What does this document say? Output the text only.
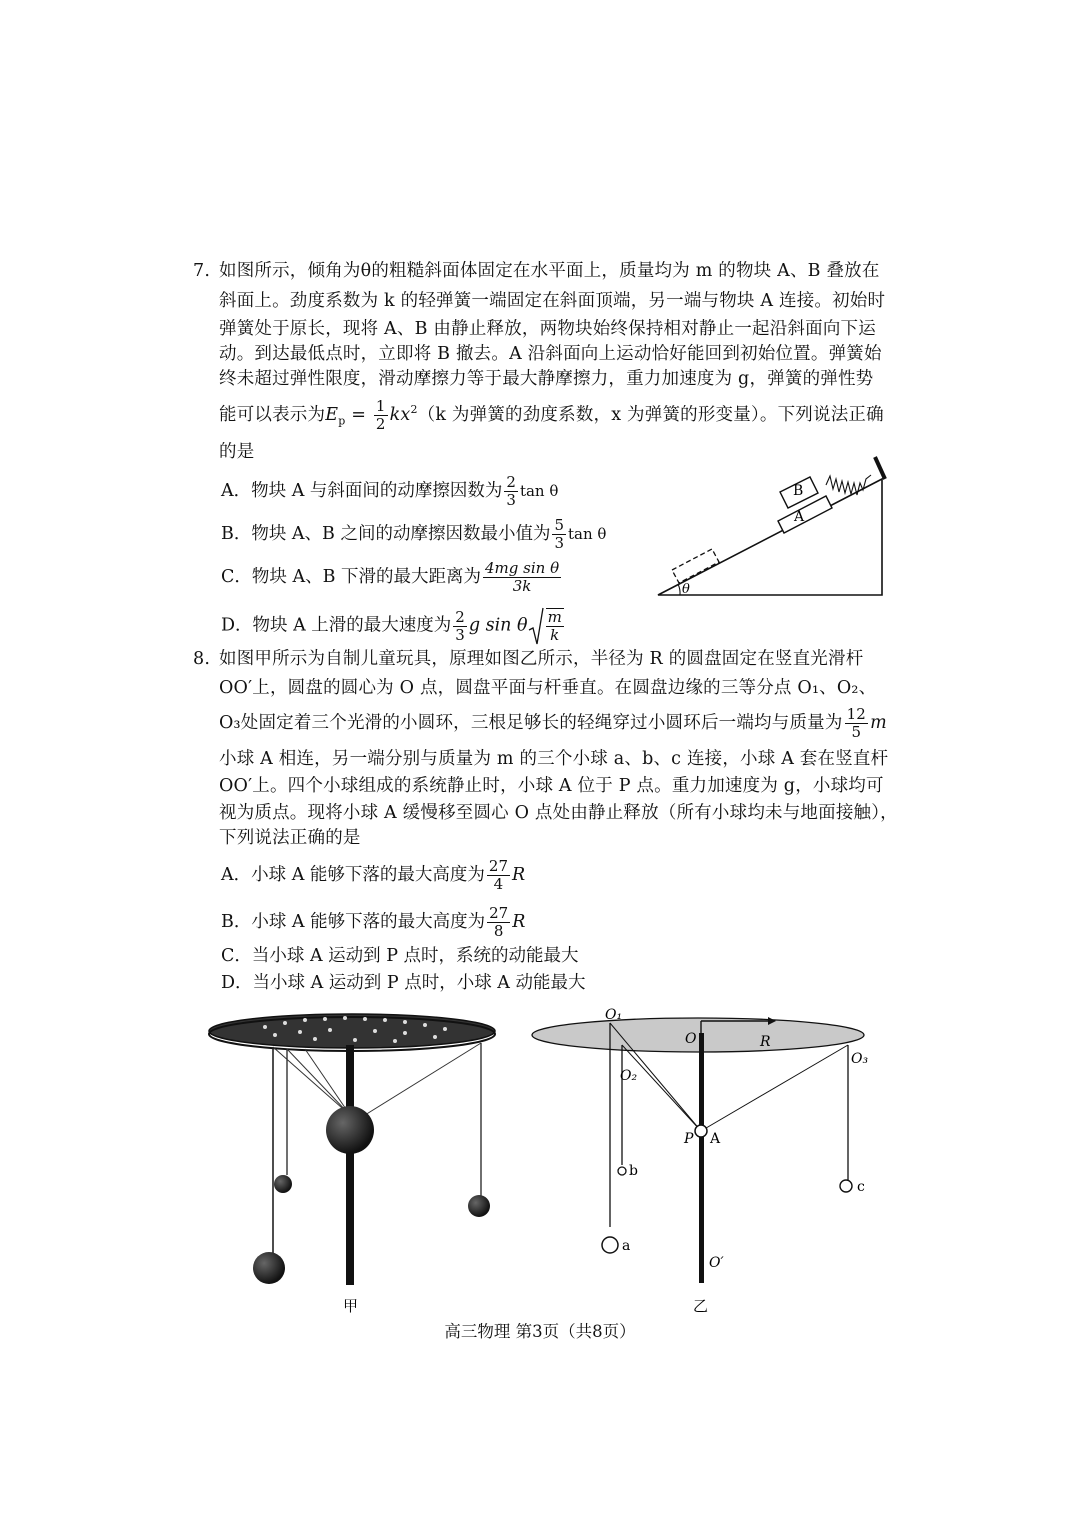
7. 如图所示，倾角为θ的粗糙斜面体固定在水平面上，质量均为 m 的物块 A、B 叠放在
斜面上。劲度系数为 k 的轻弹簧一端固定在斜面顶端，另一端与物块 A 连接。初始时
弹簧处于原长，现将 A、B 由静止释放，两物块始终保持相对静止一起沿斜面向下运
动。到达最低点时，立即将 B 撤去。A 沿斜面向上运动恰好能回到初始位置。弹簧始
终未超过弹性限度，滑动摩擦力等于最大静摩擦力，重力加速度为 g，弹簧的弹性势
能可以表示为$E_p = \frac{1}{2} kx^2(k$ 为弹簧的劲度系数，x 为弹簧的形变量）。下列说法正确
的是
A．物块 A 与斜面间的动摩擦因数为 $\frac{2}{3}$ tan θ
B．物块 A、B 之间的动摩擦因数最小值为 $\frac{5}{3}$ tan θ
C．物块 A、B 下滑的最大距离为 $\frac{\text{4mg sin θ}}{3k}$
D．物块 A 上滑的最大速度为 $\frac{2}{3}$ g sin θ $\frac{m}{k}$
A
B
θ
8. 如图甲所示为自制儿童玩具，原理如图乙所示，半径为 R 的圆盘固定在竖直光滑杆
OO′上，圆盘的圆心为 O 点，圆盘平面与杆垂直。在圆盘边缘的三等分点 O₁、O₂、
O₃处固定着三个光滑的小圆环，三根足够长的轻绳穿过小圆环后一端均与质量为 $\frac{12}{5}$ m
小球 A 相连，另一端分别与质量为 m 的三个小球 a、b、c 连接，小球 A 套在竖直杆
OO′上。四个小球组成的系统静止时，小球 A 位于 P 点。重力加速度为 g，小球均可
视为质点。现将小球 A 缓慢移至圆心 O 点处由静止释放（所有小球均未与地面接触），
下列说法正确的是
A．小球 A 能够下落的最大高度为 $\frac{27}{4}$ R
B．小球 A 能够下落的最大高度为 $\frac{27}{8}$ R
C．当小球 A 运动到 P 点时，系统的动能最大
D．当小球 A 运动到 P 点时，小球 A 动能最大
甲
O₁
O₂
O₃
O	R
P A
a
b
c
O′
乙
高三物理 第3页（共8页）
